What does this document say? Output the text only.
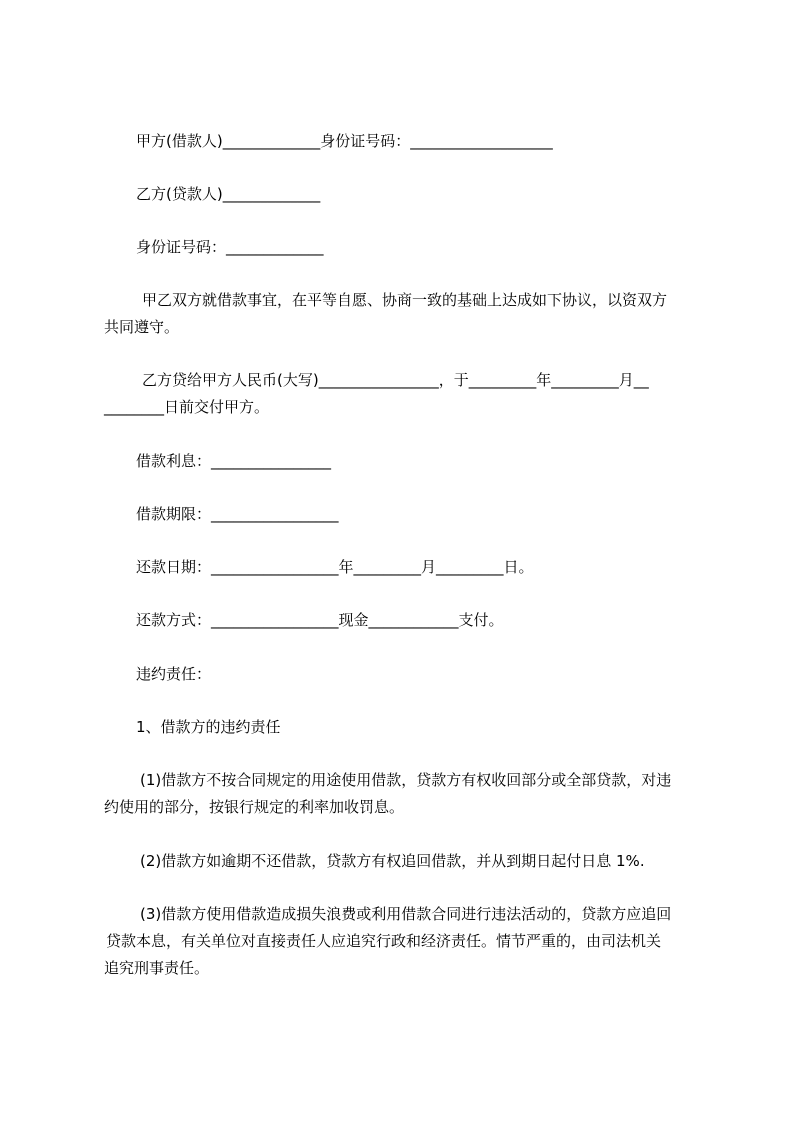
甲方(借款人)_____________身份证号码：___________________
乙方(贷款人)_____________
身份证号码：_____________
甲乙双方就借款事宜，在平等自愿、协商一致的基础上达成如下协议，以资双方
共同遵守。
乙方贷给甲方人民币(大写)________________，于_________年_________月__
________日前交付甲方。
借款利息：________________
借款期限：_________________
还款日期：_________________年_________月_________日。
还款方式：_________________现金____________支付。
违约责任：
1、借款方的违约责任
(1)借款方不按合同规定的用途使用借款，贷款方有权收回部分或全部贷款，对违
约使用的部分，按银行规定的利率加收罚息。
(2)借款方如逾期不还借款，贷款方有权追回借款，并从到期日起付日息 1%.
(3)借款方使用借款造成损失浪费或利用借款合同进行违法活动的，贷款方应追回
贷款本息，有关单位对直接责任人应追究行政和经济责任。情节严重的，由司法机关
追究刑事责任。
